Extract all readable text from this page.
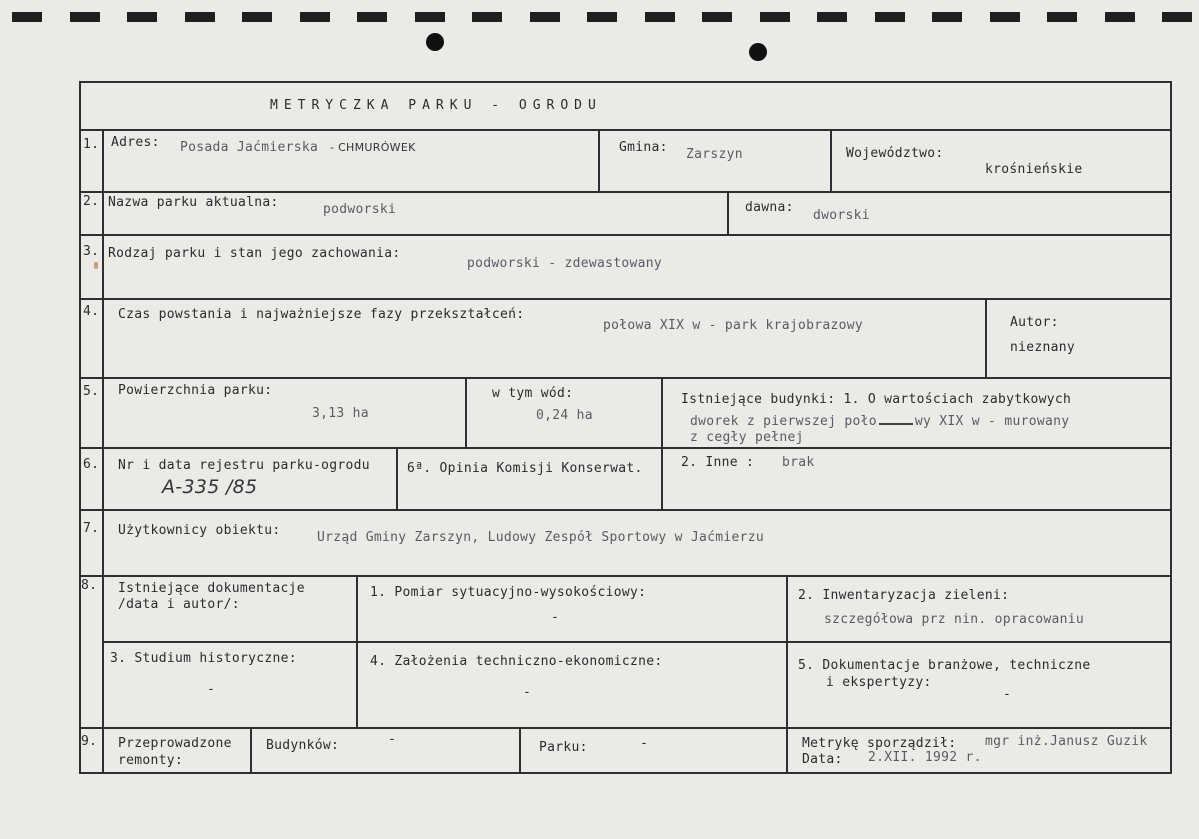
METRYCZKA PARKU - OGRODU
1. Adres: Posada Jaćmierska - CHMURÓWEK	Gmina: Zarszyn	Województwo:
krośnieńskie
2. Nazwa parku aktualna:	podworski	dawna:
dworski
3. Rodzaj parku i stan jego zachowania:
podworski - zdewastowany
4. Czas powstania i najważniejsze fazy przekształceń:
połowa XIX w - park krajobrazowy	Autor:
nieznany
5. Powierzchnia parku:
3,13 ha
w tym wód:
0,24 ha
Istniejące budynki: 1. O wartościach zabytkowych
dworek z pierwszej poło	wy XIX w - murowany
z cegły pełnej
6. Nr i data rejestru parku-ogrodu
A-335 /85
6ª. Opinia Komisji Konserwat.	2. Inne : brak
7. Użytkownicy obiektu:	Urząd Gminy Zarszyn, Ludowy Zespół Sportowy w Jaćmierzu
8. Istniejące dokumentacje
/data i autor/:
1. Pomiar sytuacyjno-wysokościowy:
-
2. Inwentaryzacja zieleni:
szczegółowa prz nin. opracowaniu
3. Studium historyczne:
-
4. Założenia techniczno-ekonomiczne:
-
5. Dokumentacje branżowe, techniczne
i ekspertyzy:
-
9. Przeprowadzone
remonty:
Budynków:	-
Parku:	-	Metrykę sporządził: mgr inż.Janusz Guzik
Data: 2.XII. 1992 r.
